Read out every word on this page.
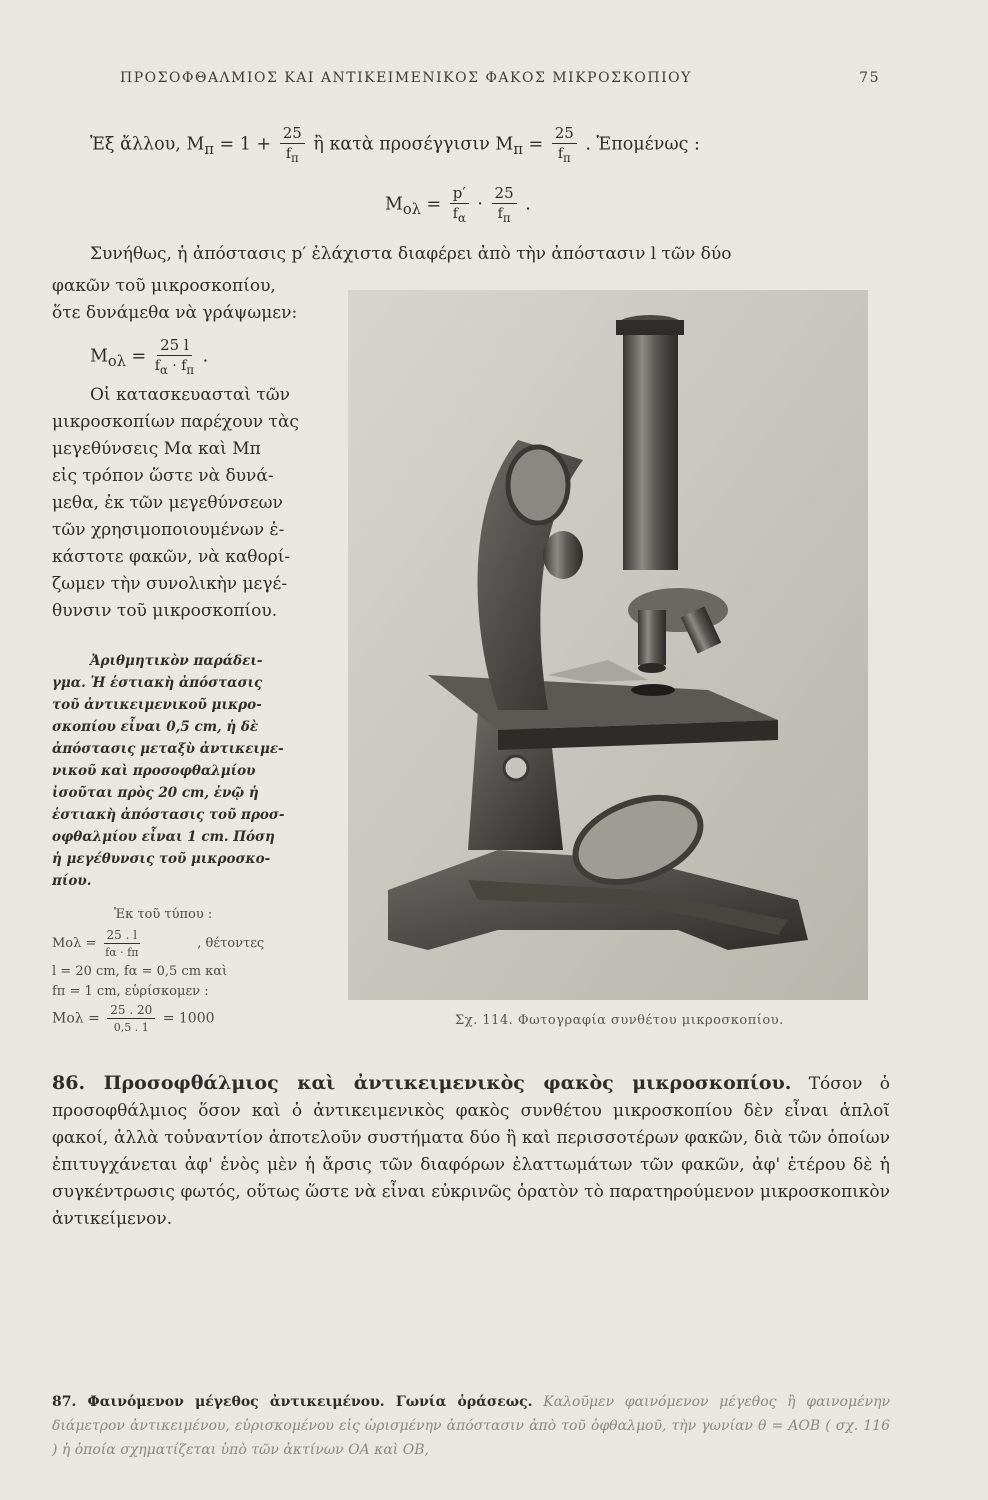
ΠΡΟΣΟΦΘΑΛΜΙΟΣ ΚΑΙ ΑΝΤΙΚΕΙΜΕΝΙΚΟΣ ΦΑΚΟΣ ΜΙΚΡΟΣΚΟΠΙΟΥ	75
Ἐξ ἄλλου, $M_\pi = 1 + \frac{25}{f_\pi}$ ἢ κατὰ προσέγγισιν $M_\pi = \frac{25}{f_\pi}$ . Ἑπομένως :
$M_{o\lambda} = \frac{p'}{f_\alpha} \cdot \frac{25}{f_\pi}$ .
Συνήθως, ἡ ἀπόστασις p′ ἐλάχιστα διαφέρει ἀπὸ τὴν ἀπόστασιν l τῶν δύο
φακῶν τοῦ μικροσκοπίου,
ὅτε δυνάμεθα νὰ γράψωμεν:
$M_{o\lambda} = \frac{25 l}{f_\alpha \cdot f_\pi}$ .
Οἱ κατασκευασταὶ τῶν
μικροσκοπίων παρέχουν τὰς
μεγεθύνσεις Mα καὶ Mπ
εἰς τρόπον ὥστε νὰ δυνά-
μεθα, ἐκ τῶν μεγεθύνσεων
τῶν χρησιμοποιουμένων ἑ-
κάστοτε φακῶν, νὰ καθορί-
ζωμεν τὴν συνολικὴν μεγέ-
θυνσιν τοῦ μικροσκοπίου.
Ἀριθμητικὸν παράδει-
γμα. Ἡ ἑστιακὴ ἀπόστασις
τοῦ ἀντικειμενικοῦ μικρο-
σκοπίου εἶναι 0,5 cm, ἡ δὲ
ἀπόστασις μεταξὺ ἀντικειμε-
νικοῦ καὶ προσοφθαλμίου
ἰσοῦται πρὸς 20 cm, ἐνῷ ἡ
ἑστιακὴ ἀπόστασις τοῦ προσ-
οφθαλμίου εἶναι 1 cm. Πόση
ἡ μεγέθυνσις τοῦ μικροσκο-
πίου.
Ἐκ τοῦ τύπου :
$Mo\lambda = \frac{25 . l}{f\alpha \cdot f\pi}$	, θέτοντες
l = 20 cm, fα = 0,5 cm καὶ
fπ = 1 cm, εὑρίσκομεν :
$Mo\lambda = \frac{25 . 20}{0,5 . 1} = 1000$	Σχ. 114. Φωτογραφία συνθέτου μικροσκοπίου.
86. Προσοφθάλμιος καὶ ἀντικειμενικὸς φακὸς μικροσκοπίου. Τόσον ὁ προσοφθάλμιος ὅσον καὶ ὁ ἀντικειμενικὸς φακὸς συνθέτου μικροσκοπίου δὲν εἶναι ἁπλοῖ φακοί, ἀλλὰ τοὐναντίον ἀποτελοῦν συστήματα δύο ἢ καὶ περισσοτέρων φακῶν, διὰ τῶν ὁποίων ἐπιτυγχάνεται ἀφ' ἑνὸς μὲν ἡ ἄρσις τῶν διαφόρων ἐλαττωμάτων τῶν φακῶν, ἀφ' ἑτέρου δὲ ἡ συγκέντρωσις φωτός, οὕτως ὥστε νὰ εἶναι εὐκρινῶς ὁρατὸν τὸ παρατηρούμενον μικροσκοπικὸν ἀντικείμενον.
87. Φαινόμενον μέγεθος ἀντικειμένου. Γωνία ὁράσεως. Καλοῦμεν φαινόμενον μέγεθος ἢ φαινομένην διάμετρον ἀντικειμένου, εὑρισκομένου εἰς ὡρισμένην ἀπόστασιν ἀπὸ τοῦ ὀφθαλμοῦ, τὴν γωνίαν θ = AOB ( σχ. 116 ) ἡ ὁποία σχηματίζεται ὑπὸ τῶν ἀκτίνων OA καὶ OB,
